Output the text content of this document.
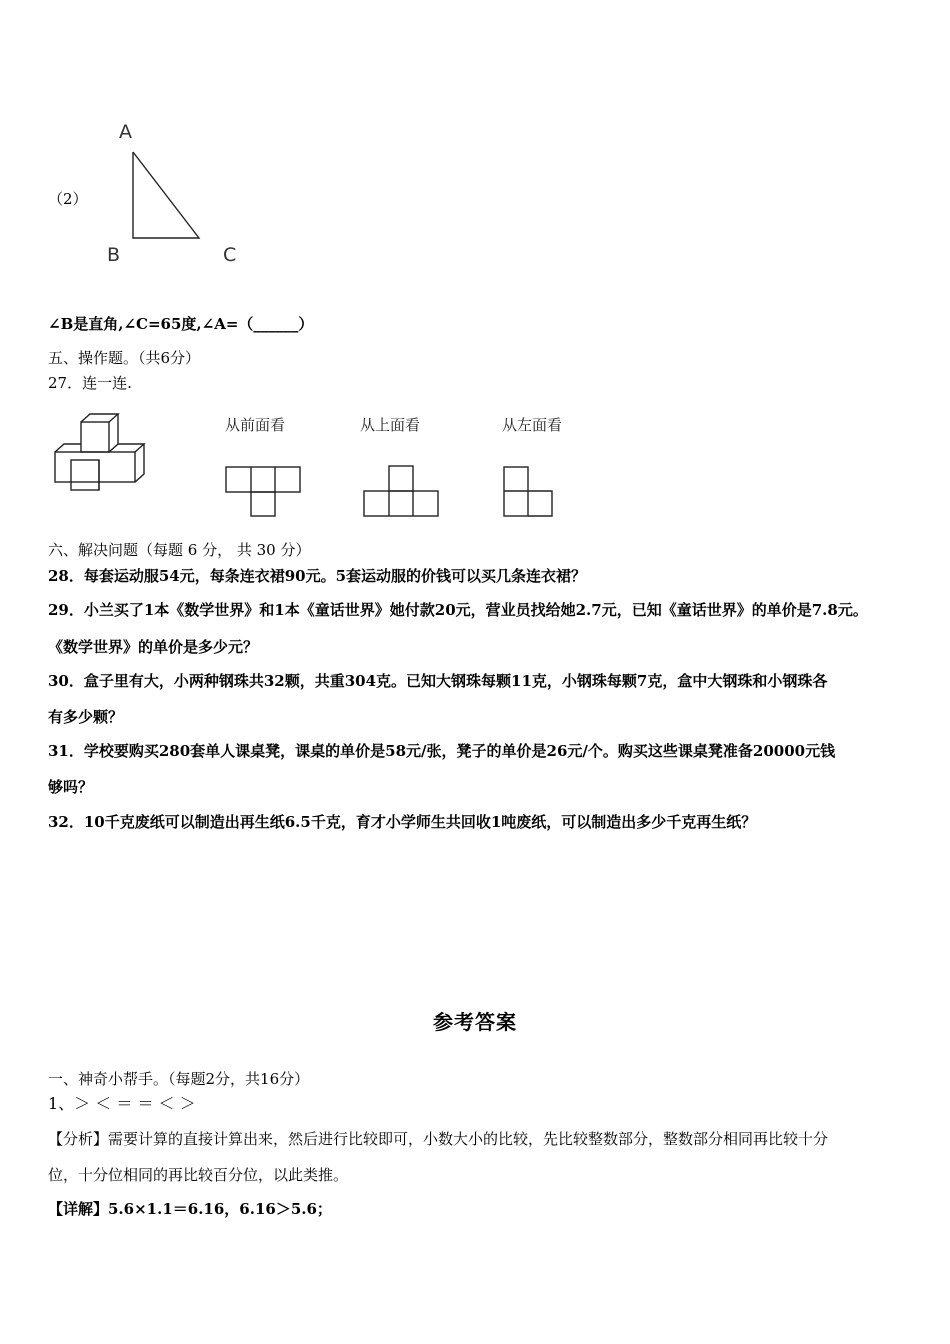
（2）
A
B	C
∠B是直角,∠C=65度,∠A=（______）
五、操作题。（共6分）
27．连一连.
从前面看	从上面看	从左面看
六、解决问题（每题 6 分， 共 30 分）
28．每套运动服54元，每条连衣裙90元。5套运动服的价钱可以买几条连衣裙？
29．小兰买了1本《数学世界》和1本《童话世界》她付款20元，营业员找给她2.7元，已知《童话世界》的单价是7.8元。
《数学世界》的单价是多少元？
30．盒子里有大，小两种钢珠共32颗，共重304克。已知大钢珠每颗11克，小钢珠每颗7克，盒中大钢珠和小钢珠各
有多少颗？
31．学校要购买280套单人课桌凳，课桌的单价是58元/张，凳子的单价是26元/个。购买这些课桌凳准备20000元钱
够吗？
32．10千克废纸可以制造出再生纸6.5千克，育才小学师生共回收1吨废纸，可以制造出多少千克再生纸？
参考答案
一、神奇小帮手。（每题2分，共16分）
1、＞ ＜ ＝ ＝ ＜ ＞
【分析】需要计算的直接计算出来，然后进行比较即可，小数大小的比较，先比较整数部分，整数部分相同再比较十分
位，十分位相同的再比较百分位，以此类推。
【详解】5.6×1.1＝6.16，6.16＞5.6；
